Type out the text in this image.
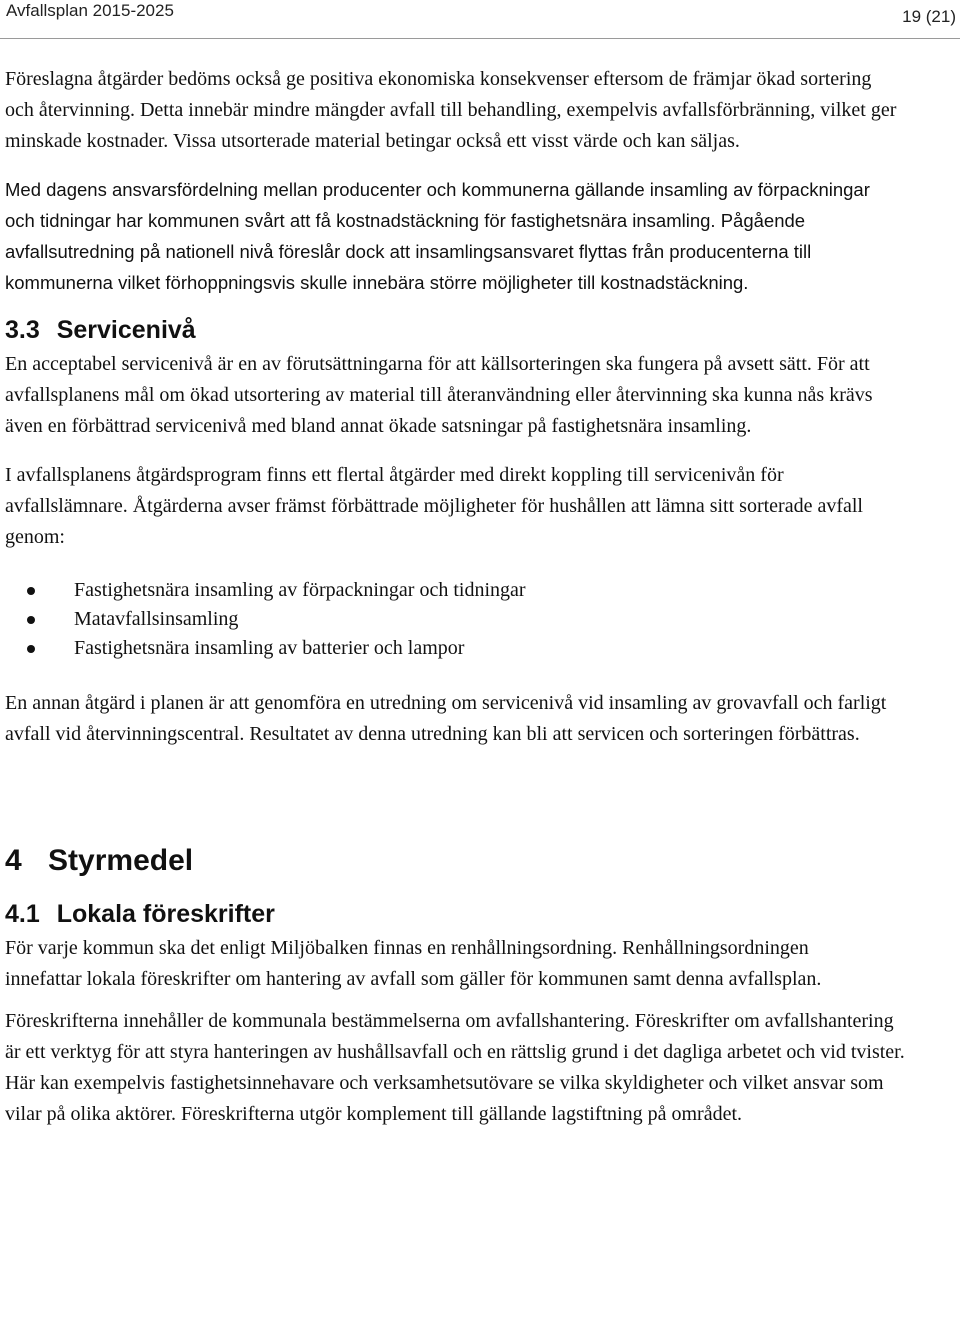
Avfallsplan 2015-2025	19 (21)

Föreslagna åtgärder bedöms också ge positiva ekonomiska konsekvenser eftersom de främjar ökad sortering och återvinning. Detta innebär mindre mängder avfall till behandling, exempelvis avfallsförbränning, vilket ger minskade kostnader. Vissa utsorterade material betingar också ett visst värde och kan säljas.

Med dagens ansvarsfördelning mellan producenter och kommunerna gällande insamling av förpackningar och tidningar har kommunen svårt att få kostnadstäckning för fastighetsnära insamling. Pågående avfallsutredning på nationell nivå föreslår dock att insamlingsansvaret flyttas från producenterna till kommunerna vilket förhoppningsvis skulle innebära större möjligheter till kostnadstäckning.

3.3 Servicenivå

En acceptabel servicenivå är en av förutsättningarna för att källsorteringen ska fungera på avsett sätt. För att avfallsplanens mål om ökad utsortering av material till återanvändning eller återvinning ska kunna nås krävs även en förbättrad servicenivå med bland annat ökade satsningar på fastighetsnära insamling.

I avfallsplanens åtgärdsprogram finns ett flertal åtgärder med direkt koppling till servicenivån för avfallslämnare. Åtgärderna avser främst förbättrade möjligheter för hushållen att lämna sitt sorterade avfall genom:

Fastighetsnära insamling av förpackningar och tidningar
Matavfallsinsamling
Fastighetsnära insamling av batterier och lampor

En annan åtgärd i planen är att genomföra en utredning om servicenivå vid insamling av grovavfall och farligt avfall vid återvinningscentral. Resultatet av denna utredning kan bli att servicen och sorteringen förbättras.

4 Styrmedel
4.1 Lokala föreskrifter

För varje kommun ska det enligt Miljöbalken finnas en renhållningsordning. Renhållningsordningen innefattar lokala föreskrifter om hantering av avfall som gäller för kommunen samt denna avfallsplan.

Föreskrifterna innehåller de kommunala bestämmelserna om avfallshantering. Föreskrifter om avfallshantering är ett verktyg för att styra hanteringen av hushållsavfall och en rättslig grund i det dagliga arbetet och vid tvister. Här kan exempelvis fastighetsinnehavare och verksamhetsutövare se vilka skyldigheter och vilket ansvar som vilar på olika aktörer. Föreskrifterna utgör komplement till gällande lagstiftning på området.
